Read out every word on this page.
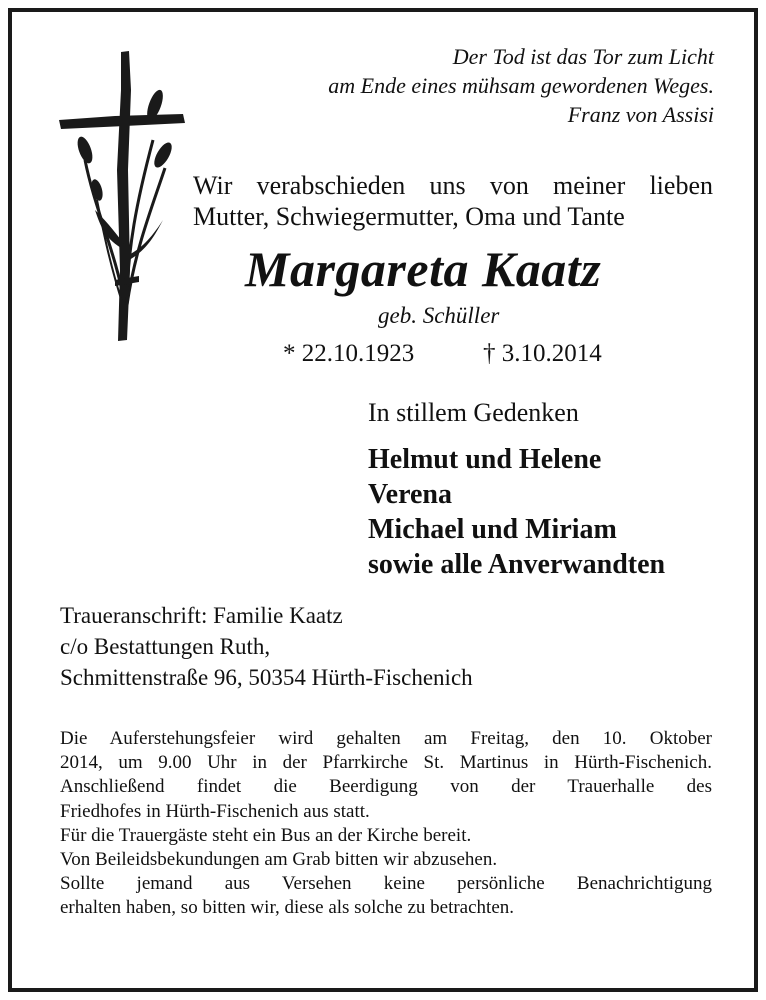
Der Tod ist das Tor zum Licht
am Ende eines mühsam gewordenen Weges.
Franz von Assisi
Wir verabschieden uns von meiner lieben
Mutter, Schwiegermutter, Oma und Tante
Margareta Kaatz
geb. Schüller
* 22.10.1923	† 3.10.2014
In stillem Gedenken
Helmut und Helene
Verena
Michael und Miriam
sowie alle Anverwandten
Traueranschrift: Familie Kaatz
c/o Bestattungen Ruth,
Schmittenstraße 96, 50354 Hürth-Fischenich
Die Auferstehungsfeier wird gehalten am Freitag, den 10. Oktober
2014, um 9.00 Uhr in der Pfarrkirche St. Martinus in Hürth-Fischenich.
Anschließend findet die Beerdigung von der Trauerhalle des
Friedhofes in Hürth-Fischenich aus statt.
Für die Trauergäste steht ein Bus an der Kirche bereit.
Von Beileidsbekundungen am Grab bitten wir abzusehen.
Sollte jemand aus Versehen keine persönliche Benachrichtigung
erhalten haben, so bitten wir, diese als solche zu betrachten.
